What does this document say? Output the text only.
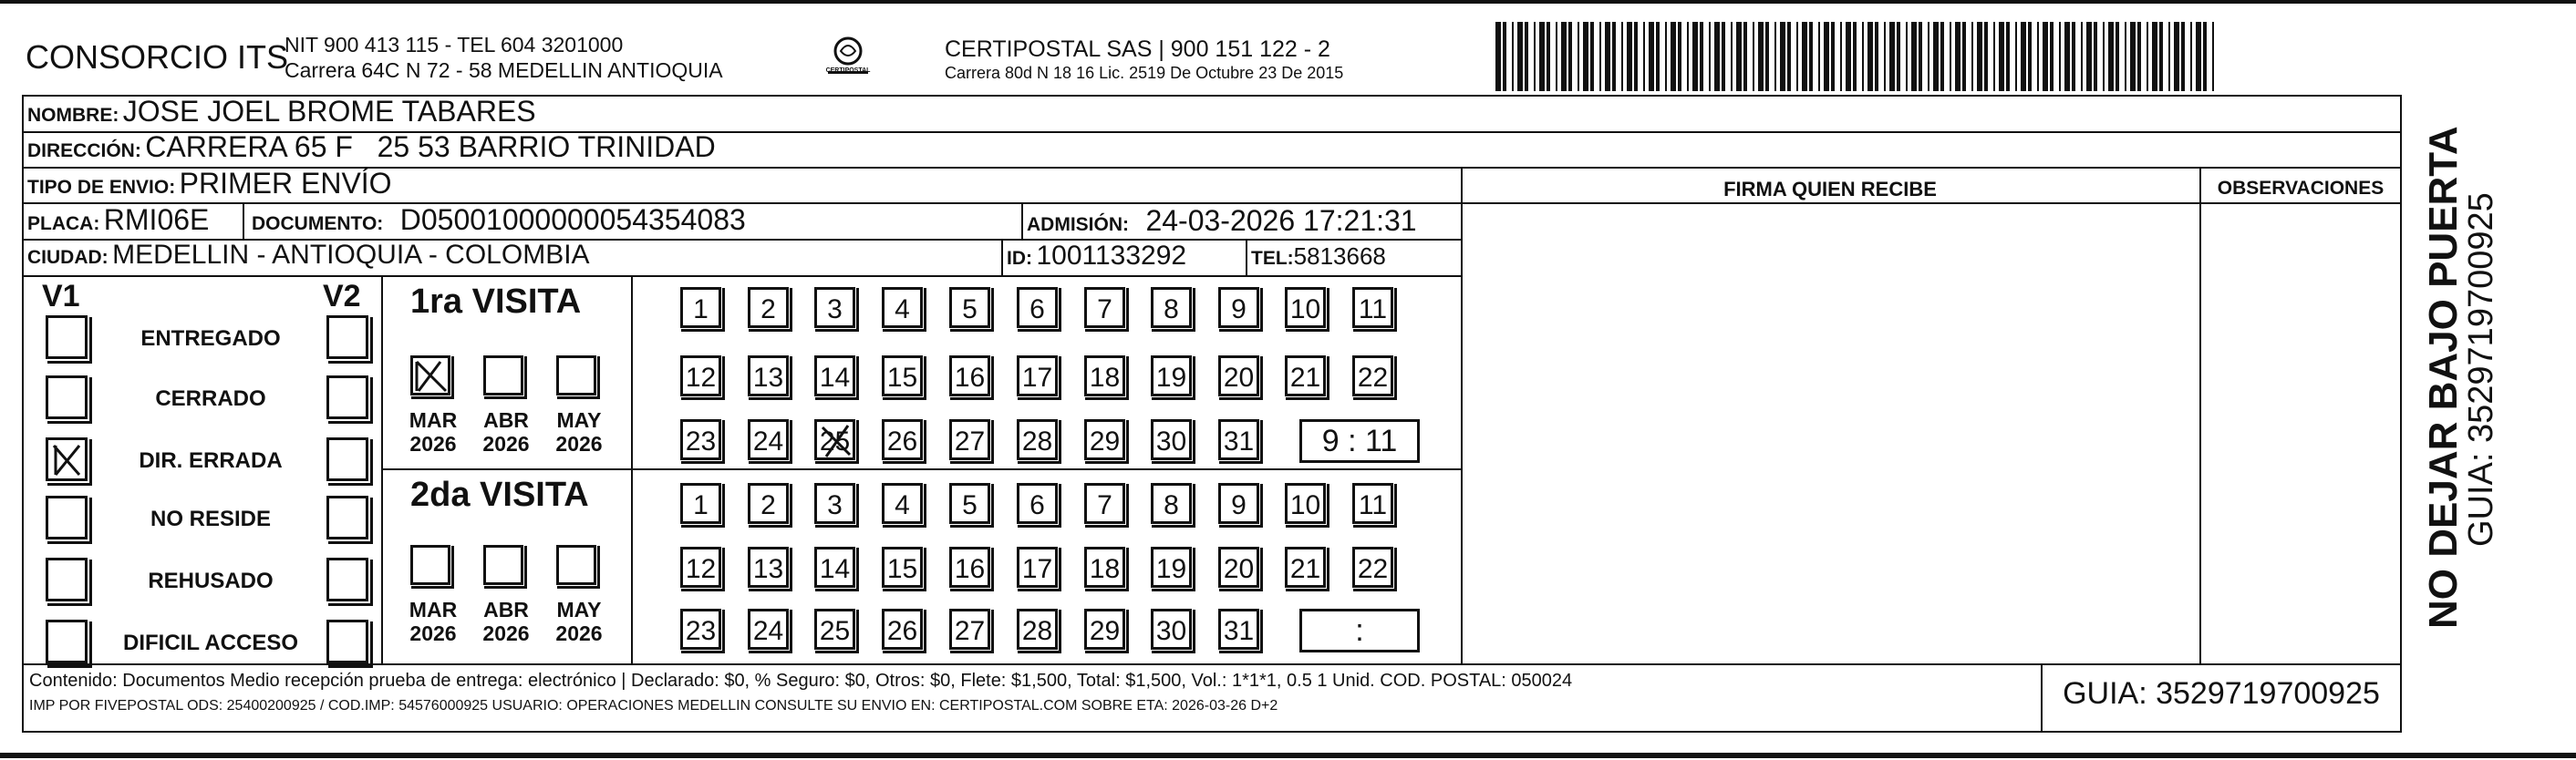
CONSORCIO ITS
NIT 900 413 115 - TEL 604 3201000
Carrera 64C N 72 - 58 MEDELLIN ANTIOQUIA	CERTIPOSTAL
CERTIPOSTAL SAS | 900 151 122 - 2
Carrera 80d N 18 16 Lic. 2519 De Octubre 23 De 2015
NOMBRE: JOSE JOEL BROME TABARES
DIRECCIÓN: CARRERA 65 F   25 53 BARRIO TRINIDAD
TIPO DE ENVIO: PRIMER ENVÍO
PLACA: RMI06E DOCUMENTO: D05001000000054354083	ADMISIÓN: 24-03-2026 17:21:31
CIUDAD: MEDELLIN - ANTIOQUIA - COLOMBIA	ID: 1001133292	TEL:5813668
FIRMA QUIEN RECIBE	OBSERVACIONES
V1	V2
ENTREGADO
CERRADO
DIR. ERRADA
NO RESIDE
REHUSADO
DIFICIL ACCESO
1ra VISITA
2da VISITA
MAR
2026
ABR
2026
MAY
2026
MAR
2026
ABR
2026
MAY
2026
1	2	3	4	5	6	7	8	9	10 11
12 13 14 15 16 17 18 19 20 21 22
23 24 25 26 27 28 29 30 31	9 : 11
1	2	3	4	5	6	7	8	9	10 11
12 13 14 15 16 17 18 19 20 21 22
23 24 25 26 27 28 29 30 31	:
Contenido: Documentos Medio recepción prueba de entrega: electrónico | Declarado: $0, % Seguro: $0, Otros: $0, Flete: $1,500, Total: $1,500, Vol.: 1*1*1, 0.5 1 Unid. COD. POSTAL: 050024
IMP POR FIVEPOSTAL ODS: 25400200925 / COD.IMP: 54576000925 USUARIO: OPERACIONES MEDELLIN CONSULTE SU ENVIO EN: CERTIPOSTAL.COM SOBRE ETA: 2026-03-26 D+2	GUIA: 3529719700925
NO DEJAR BAJO PUERTA
GUIA: 3529719700925
